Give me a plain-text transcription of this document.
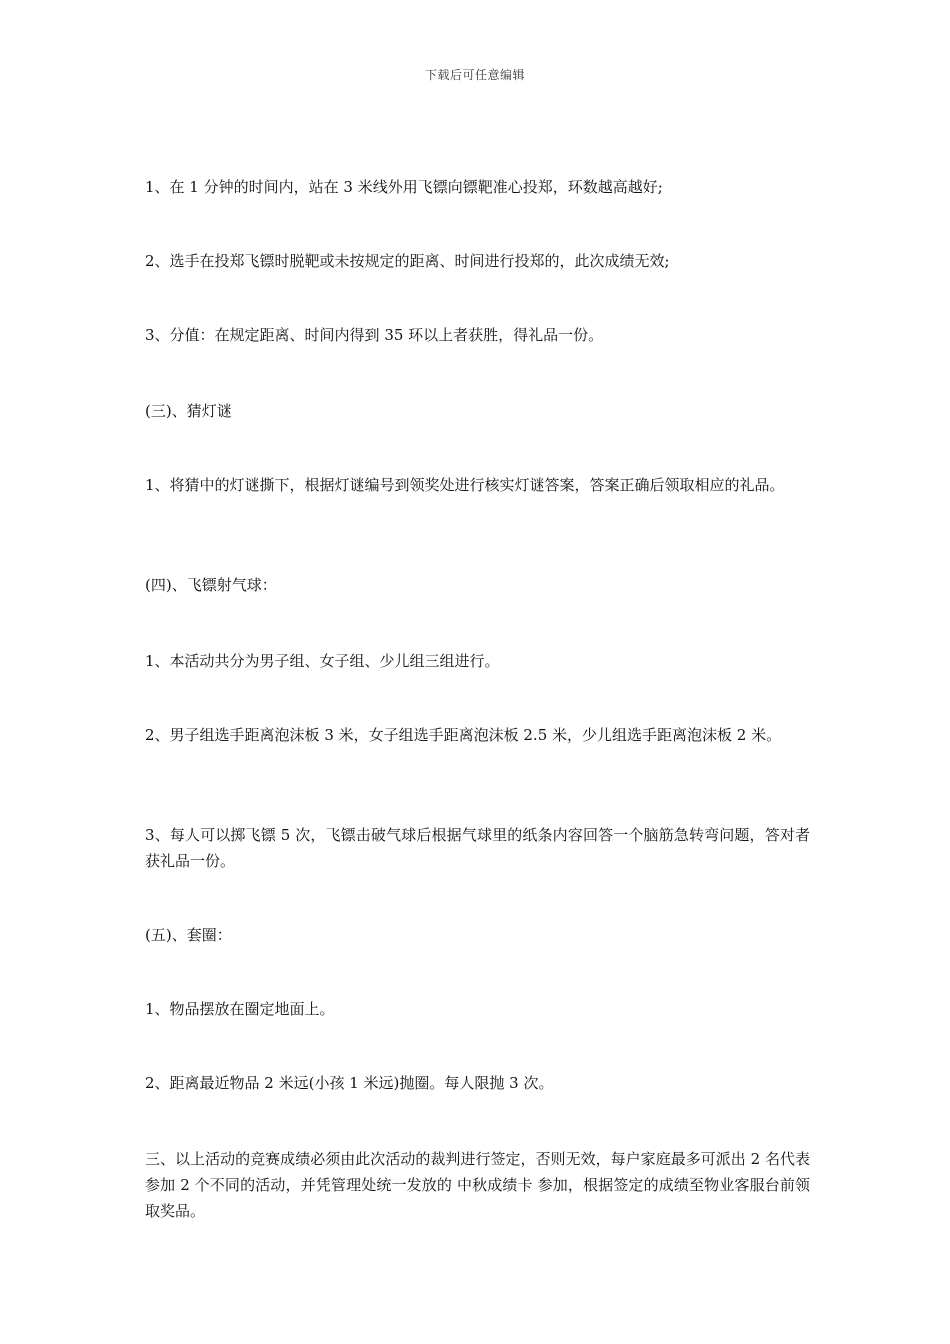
下载后可任意编辑

1、在 1 分钟的时间内，站在 3 米线外用飞镖向镖靶准心投郑，环数越高越好;

2、选手在投郑飞镖时脱靶或未按规定的距离、时间进行投郑的，此次成绩无效;

3、分值：在规定距离、时间内得到 35 环以上者获胜，得礼品一份。

(三)、猜灯谜

1、将猜中的灯谜撕下，根据灯谜编号到领奖处进行核实灯谜答案，答案正确后领取相应的礼品。

(四)、飞镖射气球：

1、本活动共分为男子组、女子组、少儿组三组进行。

2、男子组选手距离泡沫板 3 米，女子组选手距离泡沫板 2.5 米，少儿组选手距离泡沫板 2 米。

3、每人可以掷飞镖 5 次，飞镖击破气球后根据气球里的纸条内容回答一个脑筋急转弯问题，答对者获礼品一份。

(五)、套圈：

1、物品摆放在圈定地面上。

2、距离最近物品 2 米远(小孩 1 米远)抛圈。每人限抛 3 次。

三、以上活动的竞赛成绩必须由此次活动的裁判进行签定，否则无效，每户家庭最多可派出 2 名代表参加 2 个不同的活动，并凭管理处统一发放的 中秋成绩卡 参加，根据签定的成绩至物业客服台前领取奖品。
